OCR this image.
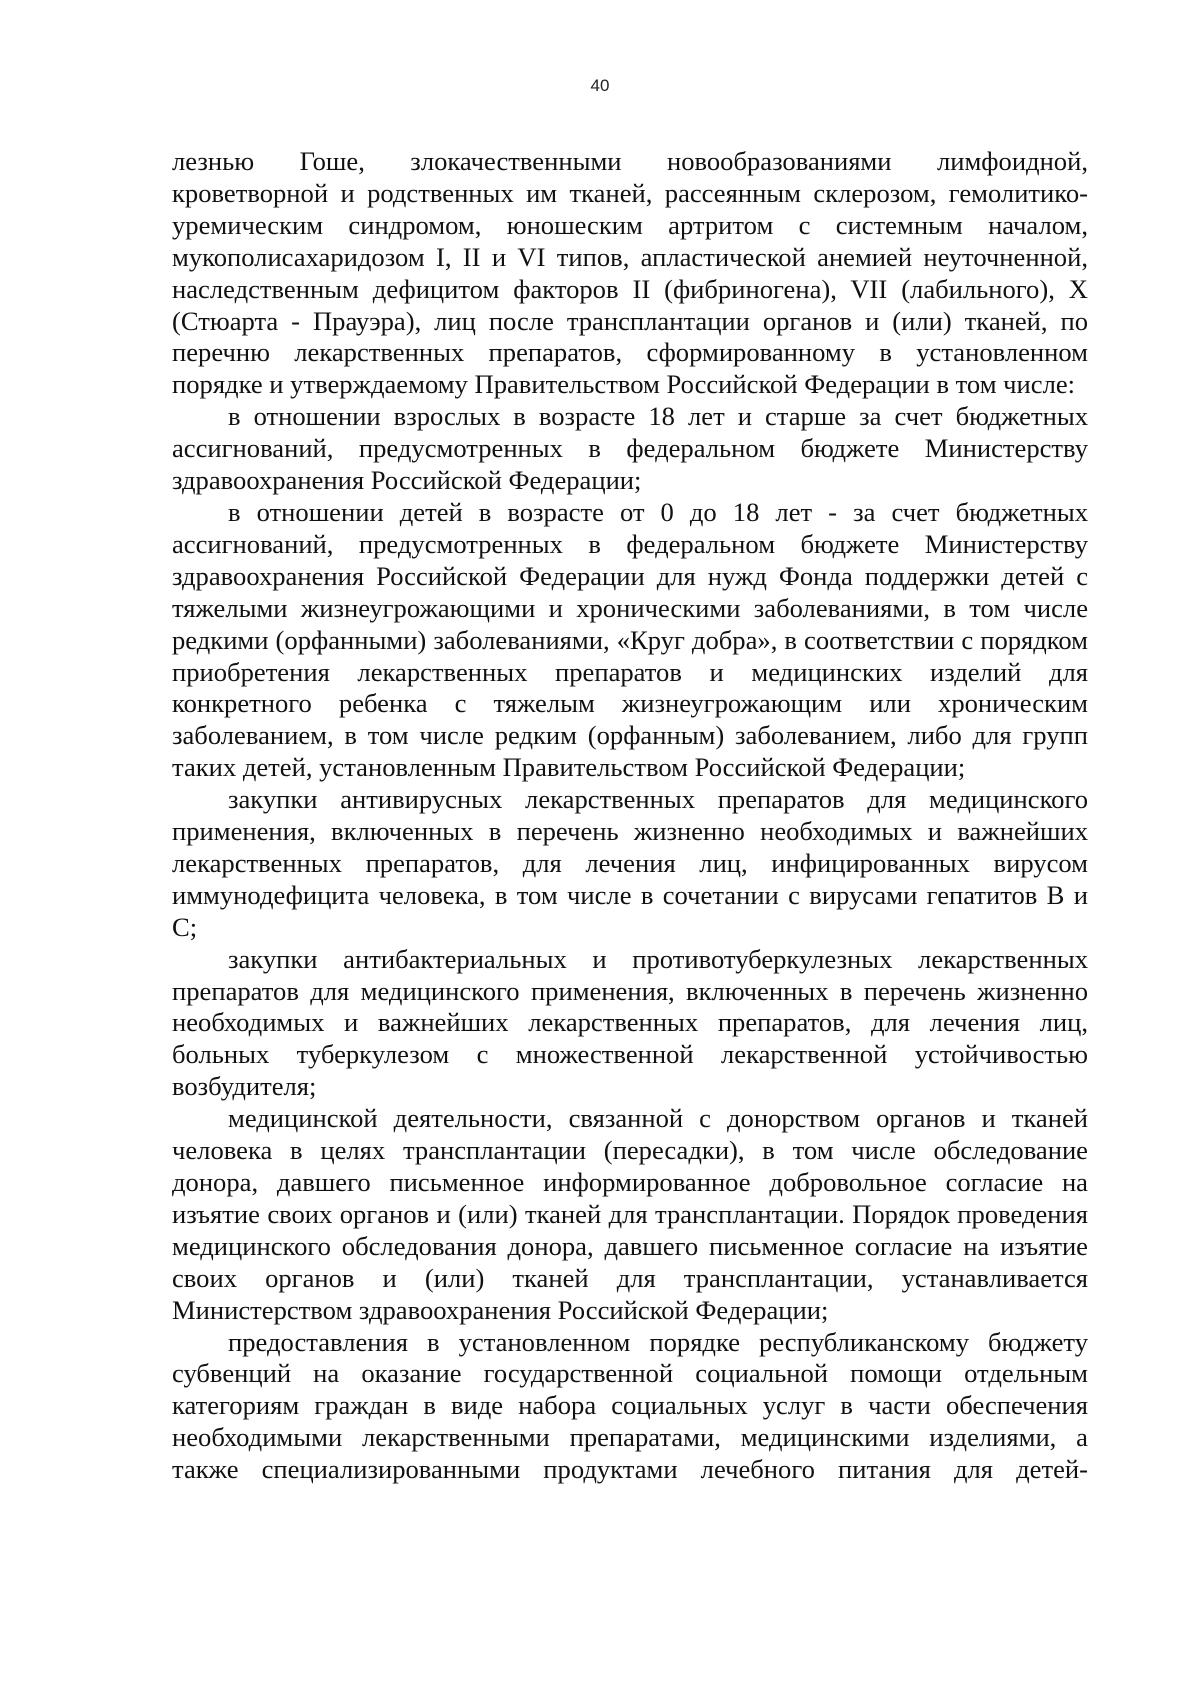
40

лезнью Гоше, злокачественными новообразованиями лимфоидной, кроветворной и родственных им тканей, рассеянным склерозом, гемолитико-уремическим синдромом, юношеским артритом с системным началом, мукополисахаридозом I, II и VI типов, апластической анемией неуточненной, наследственным дефицитом факторов II (фибриногена), VII (лабильного), X (Стюарта - Прауэра), лиц после трансплантации органов и (или) тканей, по перечню лекарственных препаратов, сформированному в установленном порядке и утверждаемому Правительством Российской Федерации в том числе:

в отношении взрослых в возрасте 18 лет и старше за счет бюджетных ассигнований, предусмотренных в федеральном бюджете Министерству здравоохранения Российской Федерации;

в отношении детей в возрасте от 0 до 18 лет - за счет бюджетных ассигнований, предусмотренных в федеральном бюджете Министерству здравоохранения Российской Федерации для нужд Фонда поддержки детей с тяжелыми жизнеугрожающими и хроническими заболеваниями, в том числе редкими (орфанными) заболеваниями, «Круг добра», в соответствии с порядком приобретения лекарственных препаратов и медицинских изделий для конкретного ребенка с тяжелым жизнеугрожающим или хроническим заболеванием, в том числе редким (орфанным) заболеванием, либо для групп таких детей, установленным Правительством Российской Федерации;

закупки антивирусных лекарственных препаратов для медицинского применения, включенных в перечень жизненно необходимых и важнейших лекарственных препаратов, для лечения лиц, инфицированных вирусом иммунодефицита человека, в том числе в сочетании с вирусами гепатитов B и C;

закупки антибактериальных и противотуберкулезных лекарственных препаратов для медицинского применения, включенных в перечень жизненно необходимых и важнейших лекарственных препаратов, для лечения лиц, больных туберкулезом с множественной лекарственной устойчивостью возбудителя;

медицинской деятельности, связанной с донорством органов и тканей человека в целях трансплантации (пересадки), в том числе обследование донора, давшего письменное информированное добровольное согласие на изъятие своих органов и (или) тканей для трансплантации. Порядок проведения медицинского обследования донора, давшего письменное согласие на изъятие своих органов и (или) тканей для трансплантации, устанавливается Министерством здравоохранения Российской Федерации;

предоставления в установленном порядке республиканскому бюджету субвенций на оказание государственной социальной помощи отдельным категориям граждан в виде набора социальных услуг в части обеспечения необходимыми лекарственными препаратами, медицинскими изделиями, а также специализированными продуктами лечебного питания для детей-
